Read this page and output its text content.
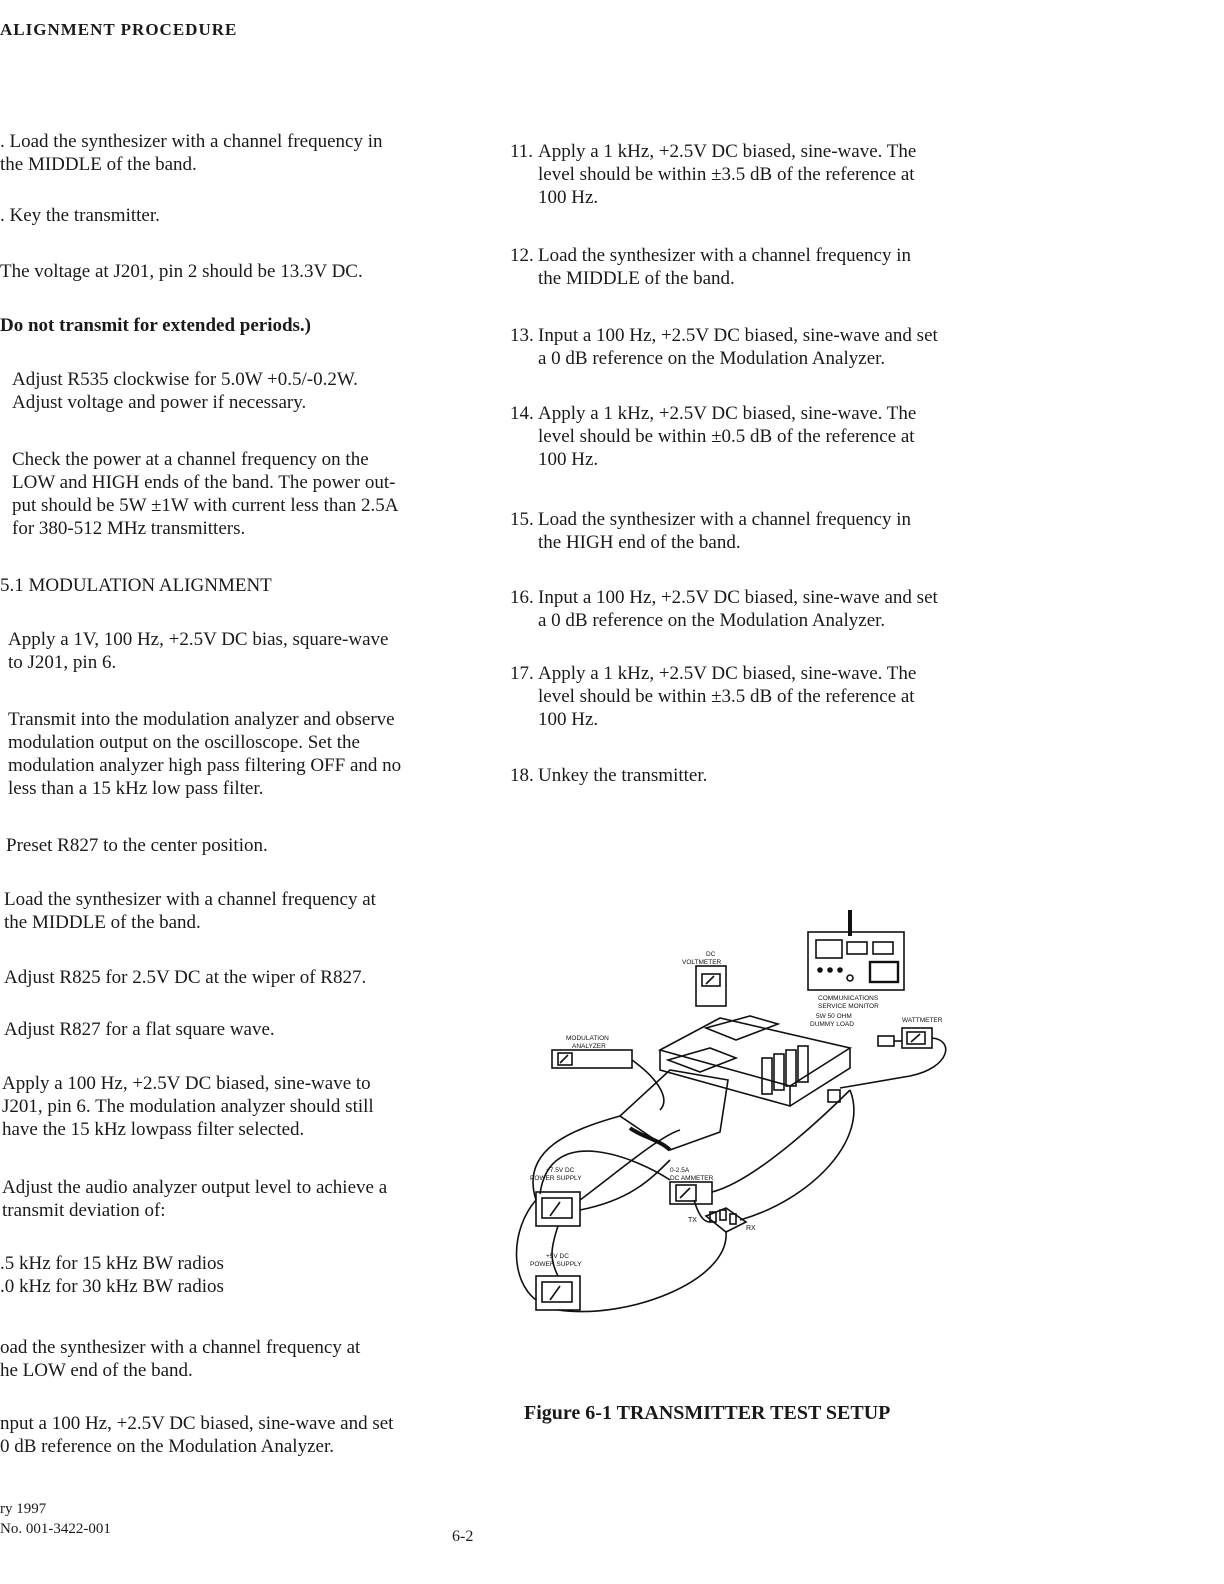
ALIGNMENT PROCEDURE
. Load the synthesizer with a channel frequency in
the MIDDLE of the band.
. Key the transmitter.
The voltage at J201, pin 2 should be 13.3V DC.
Do not transmit for extended periods.)
Adjust R535 clockwise for 5.0W +0.5/-0.2W.
Adjust voltage and power if necessary.
Check the power at a channel frequency on the
LOW and HIGH ends of the band. The power out-
put should be 5W ±1W with current less than 2.5A
for 380-512 MHz transmitters.
5.1 MODULATION ALIGNMENT
Apply a 1V, 100 Hz, +2.5V DC bias, square-wave
to J201, pin 6.
Transmit into the modulation analyzer and observe
modulation output on the oscilloscope. Set the
modulation analyzer high pass filtering OFF and no
less than a 15 kHz low pass filter.
Preset R827 to the center position.
Load the synthesizer with a channel frequency at
the MIDDLE of the band.
Adjust R825 for 2.5V DC at the wiper of R827.
Adjust R827 for a flat square wave.
Apply a 100 Hz, +2.5V DC biased, sine-wave to
J201, pin 6. The modulation analyzer should still
have the 15 kHz lowpass filter selected.
Adjust the audio analyzer output level to achieve a
transmit deviation of:
.5 kHz for 15 kHz BW radios
.0 kHz for 30 kHz BW radios
oad the synthesizer with a channel frequency at
he LOW end of the band.
nput a 100 Hz, +2.5V DC biased, sine-wave and set
0 dB reference on the Modulation Analyzer.
11. Apply a 1 kHz, +2.5V DC biased, sine-wave. The
level should be within ±3.5 dB of the reference at
100 Hz.
12. Load the synthesizer with a channel frequency in
the MIDDLE of the band.
13. Input a 100 Hz, +2.5V DC biased, sine-wave and set
a 0 dB reference on the Modulation Analyzer.
14. Apply a 1 kHz, +2.5V DC biased, sine-wave. The
level should be within ±0.5 dB of the reference at
100 Hz.
15. Load the synthesizer with a channel frequency in
the HIGH end of the band.
16. Input a 100 Hz, +2.5V DC biased, sine-wave and set
a 0 dB reference on the Modulation Analyzer.
17. Apply a 1 kHz, +2.5V DC biased, sine-wave. The
level should be within ±3.5 dB of the reference at
100 Hz.
18. Unkey the transmitter.
COMMUNICATIONS SERVICE MONITOR
DC VOLTMETER
5W 50 OHM DUMMY LOAD
WATTMETER
MODULATION ANALYZER
+7.5V DC POWER SUPPLY
+5V DC POWER SUPPLY
0-2.5A DC AMMETER
TX
RX
Figure 6-1 TRANSMITTER TEST SETUP
ry 1997
No. 001-3422-001	6-2
